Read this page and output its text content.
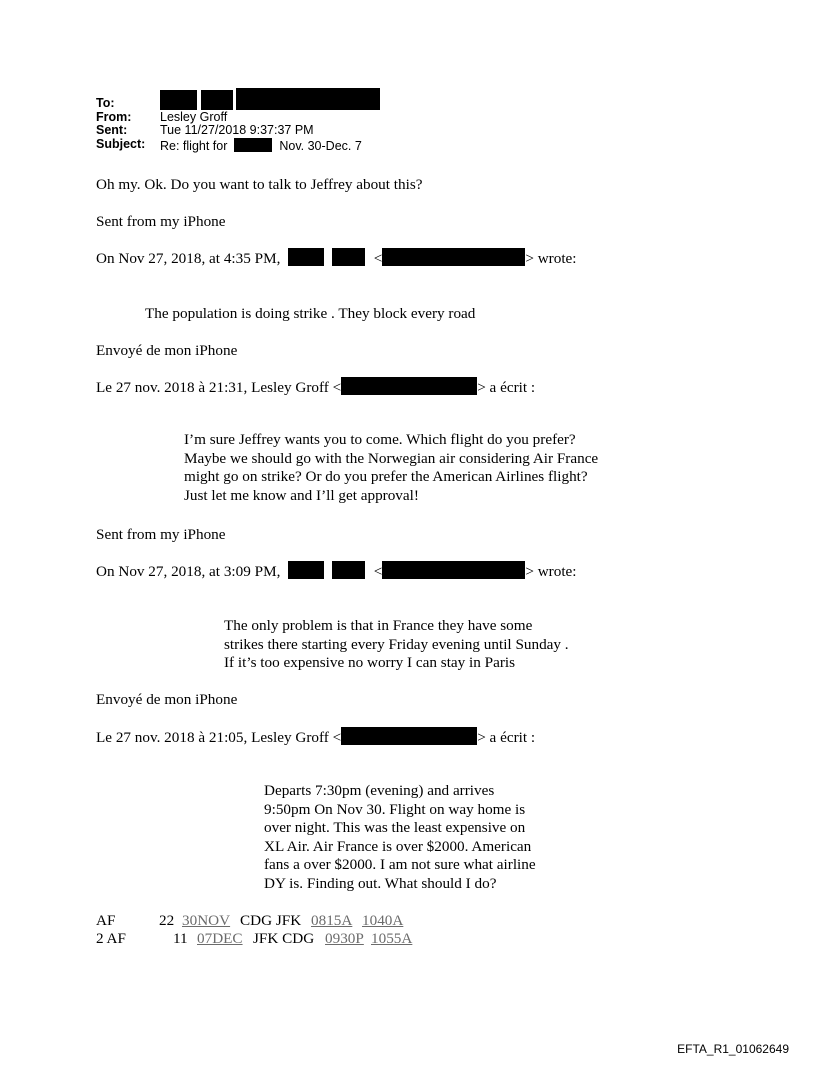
To:
From: Lesley Groff
Sent:	Tue 11/27/2018 9:37:37 PM
Subject: Re: flight for	Nov. 30-Dec. 7
Oh my. Ok. Do you want to talk to Jeffrey about this?
Sent from my iPhone
On Nov 27, 2018, at 4:35 PM,	<	> wrote:
The population is doing strike . They block every road
Envoyé de mon iPhone
Le 27 nov. 2018 à 21:31, Lesley Groff <	> a écrit :
I’m sure Jeffrey wants you to come. Which flight do you prefer?
Maybe we should go with the Norwegian air considering Air France
might go on strike? Or do you prefer the American Airlines flight?
Just let me know and I’ll get approval!
Sent from my iPhone
On Nov 27, 2018, at 3:09 PM,	<	> wrote:
The only problem is that in France they have some
strikes there starting every Friday evening until Sunday .
If it’s too expensive no worry I can stay in Paris
Envoyé de mon iPhone
Le 27 nov. 2018 à 21:05, Lesley Groff <	> a écrit :
Departs 7:30pm (evening) and arrives
9:50pm On Nov 30. Flight on way home is
over night. This was the least expensive on
XL Air. Air France is over $2000. American
fans a over $2000. I am not sure what airline
DY is. Finding out. What should I do?
AF	22 30NOV CDG JFK 0815A 1040A
2 AF	11 07DEC JFK CDG 0930P 1055A
EFTA_R1_01062649
